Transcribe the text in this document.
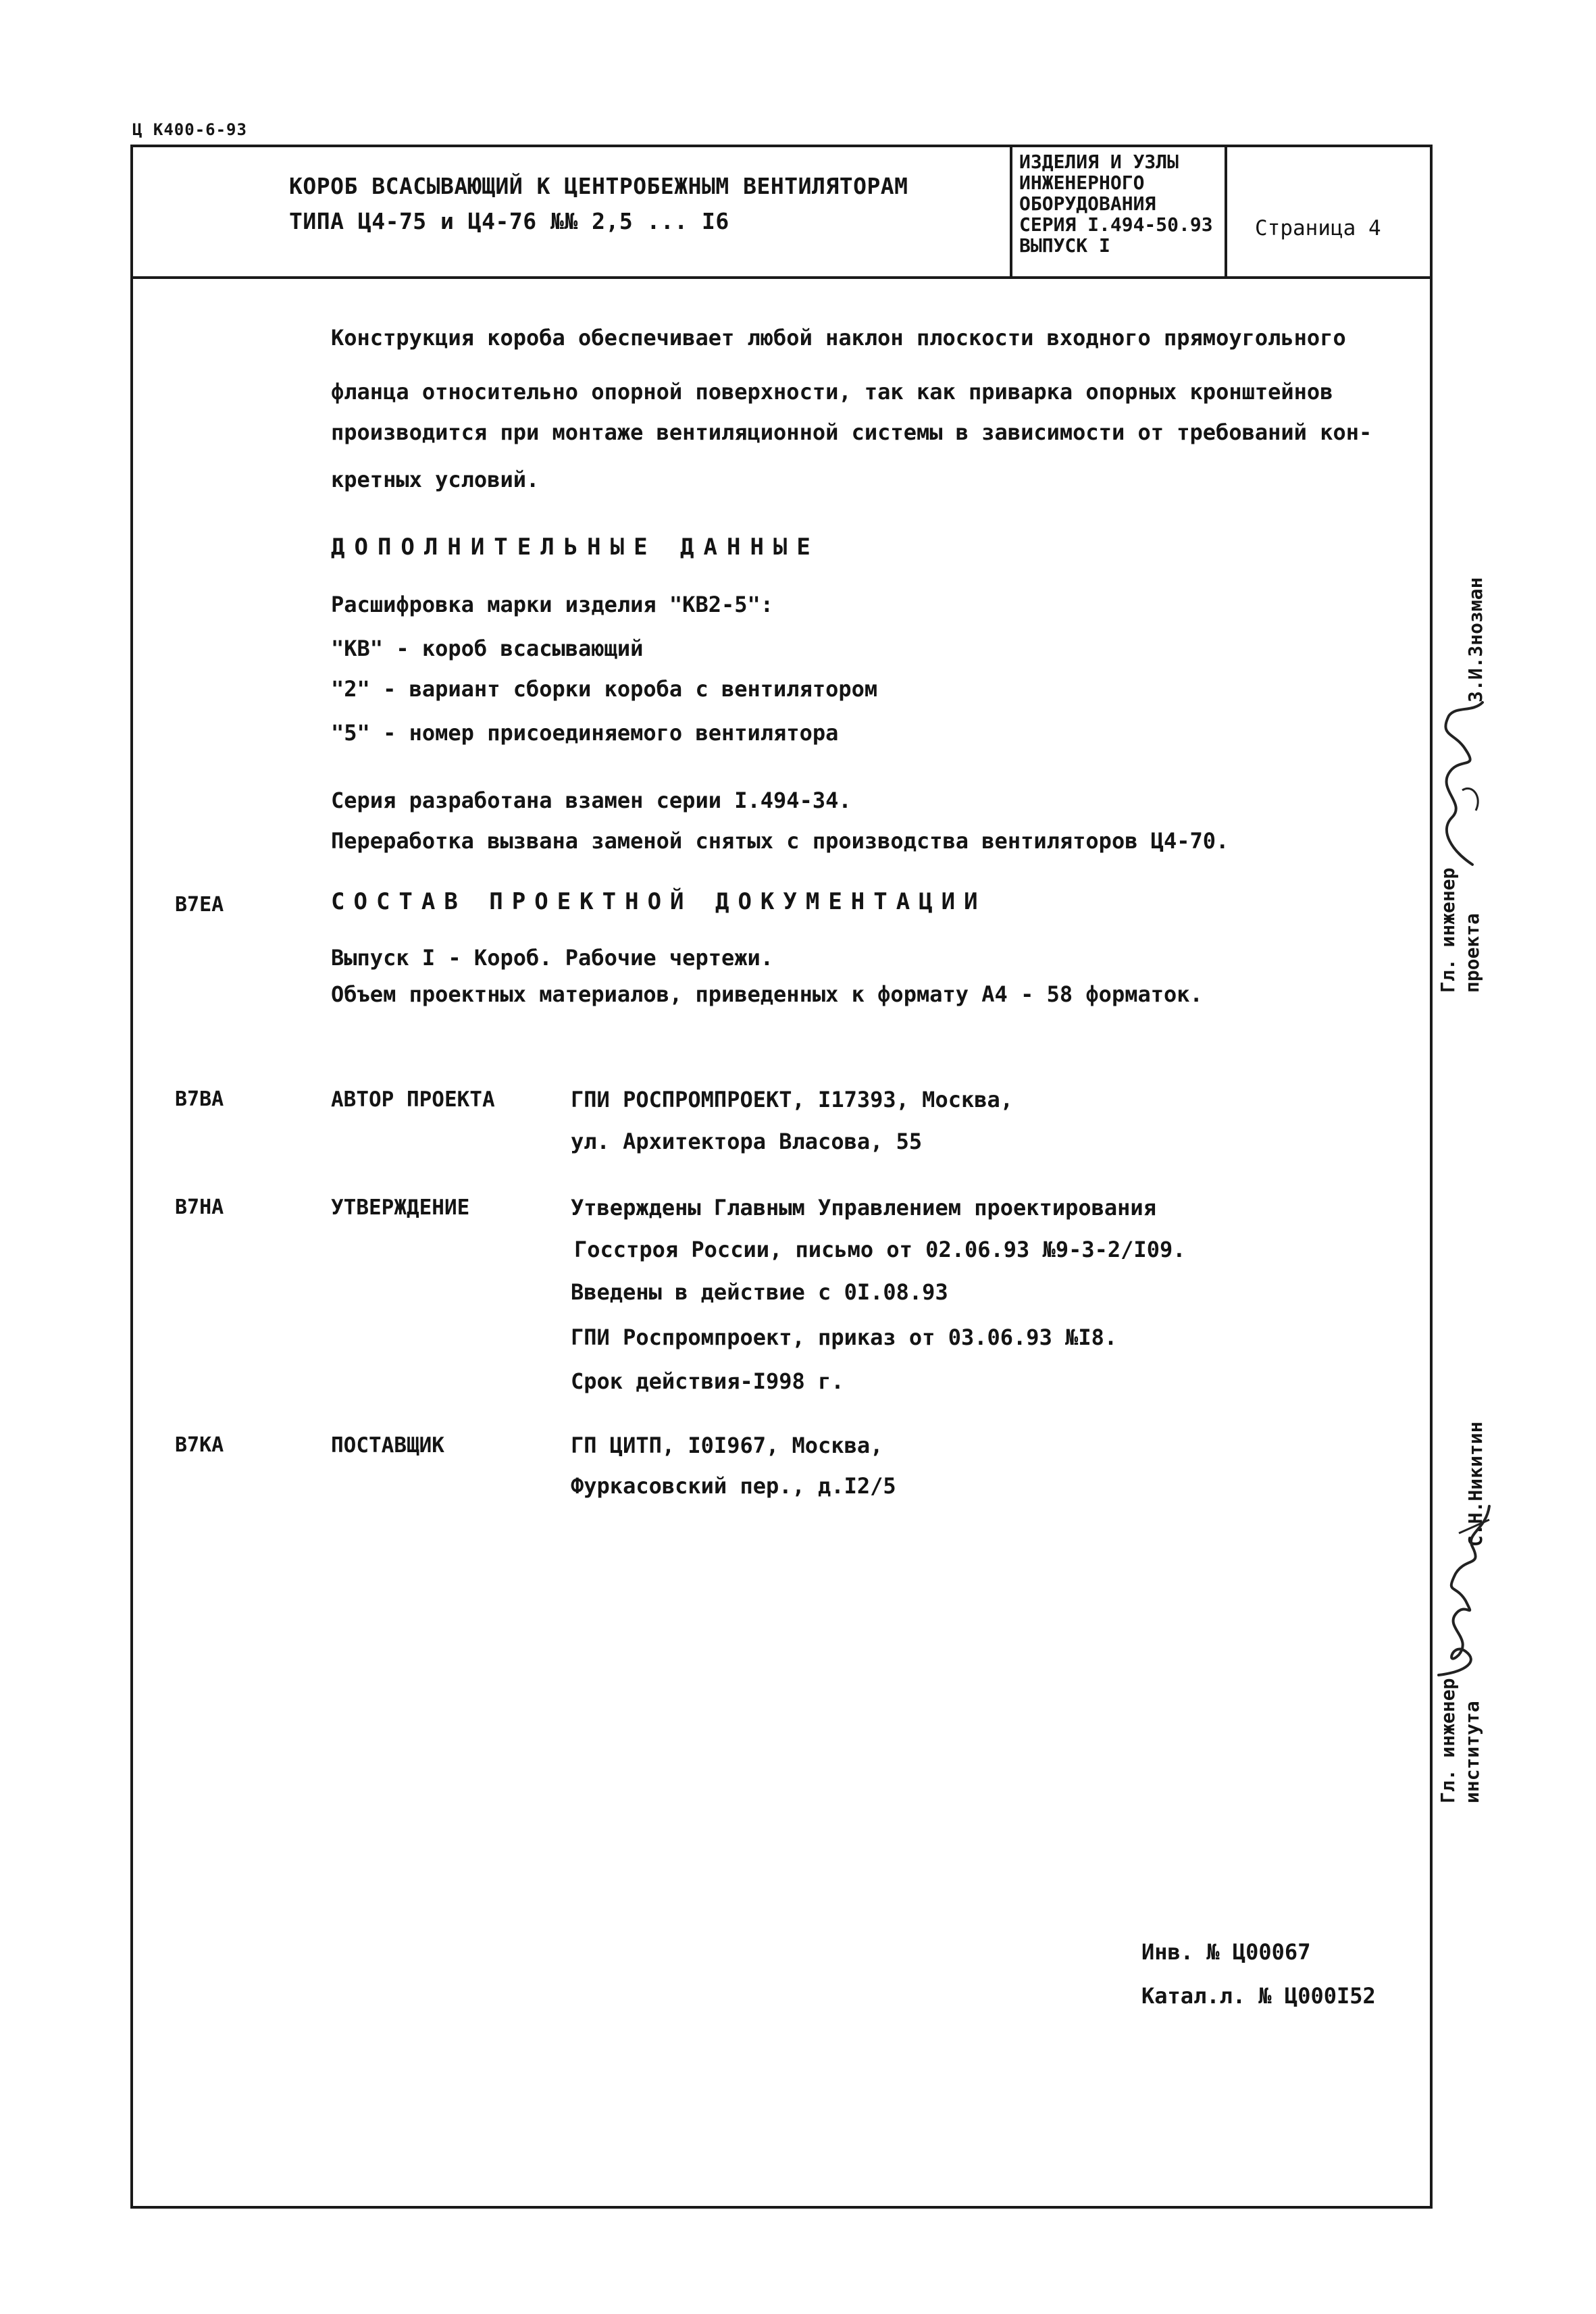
Ц К400-6-93
КОРОБ ВСАСЫВАЮЩИЙ К ЦЕНТРОБЕЖНЫМ ВЕНТИЛЯТОРАМ
ТИПА Ц4-75 и Ц4-76 №№ 2,5 ... I6
ИЗДЕЛИЯ И УЗЛЫ
ИНЖЕНЕРНОГО
ОБОРУДОВАНИЯ
СЕРИЯ I.494-50.93
ВЫПУСК I
Страница 4
Конструкция короба обеспечивает любой наклон плоскости входного прямоугольного
фланца относительно опорной поверхности, так как приварка опорных кронштейнов
производится при монтаже вентиляционной системы в зависимости от требований кон-
кретных условий.
ДОПОЛНИТЕЛЬНЫЕ ДАННЫЕ
Расшифровка марки изделия "КВ2-5":
"КВ" - короб всасывающий
"2" - вариант сборки короба с вентилятором
"5" - номер присоединяемого вентилятора
Серия разработана взамен серии I.494-34.
Переработка вызвана заменой снятых с производства вентиляторов Ц4-70.
В7ЕА	СОСТАВ ПРОЕКТНОЙ ДОКУМЕНТАЦИИ
Выпуск I - Короб. Рабочие чертежи.
Объем проектных материалов, приведенных к формату А4 - 58 форматок.
В7ВА	АВТОР ПРОЕКТА	ГПИ РОСПРОМПРОЕКТ, I17393, Москва,
ул. Архитектора Власова, 55
В7НА	УТВЕРЖДЕНИЕ	Утверждены Главным Управлением проектирования
Госстроя России, письмо от 02.06.93 №9-3-2/I09.
Введены в действие с 0I.08.93
ГПИ Роспромпроект, приказ от 03.06.93 №I8.
Срок действия-I998 г.
В7КА	ПОСТАВЩИК	ГП ЦИТП, I0I967, Москва,
Фуркасовский пер., д.I2/5
Инв. № Ц00067
Катал.л. № Ц000I52
Гл. инженер проекта
З.И.Знозман
Гл. инженер института
С.Н.Никитин
